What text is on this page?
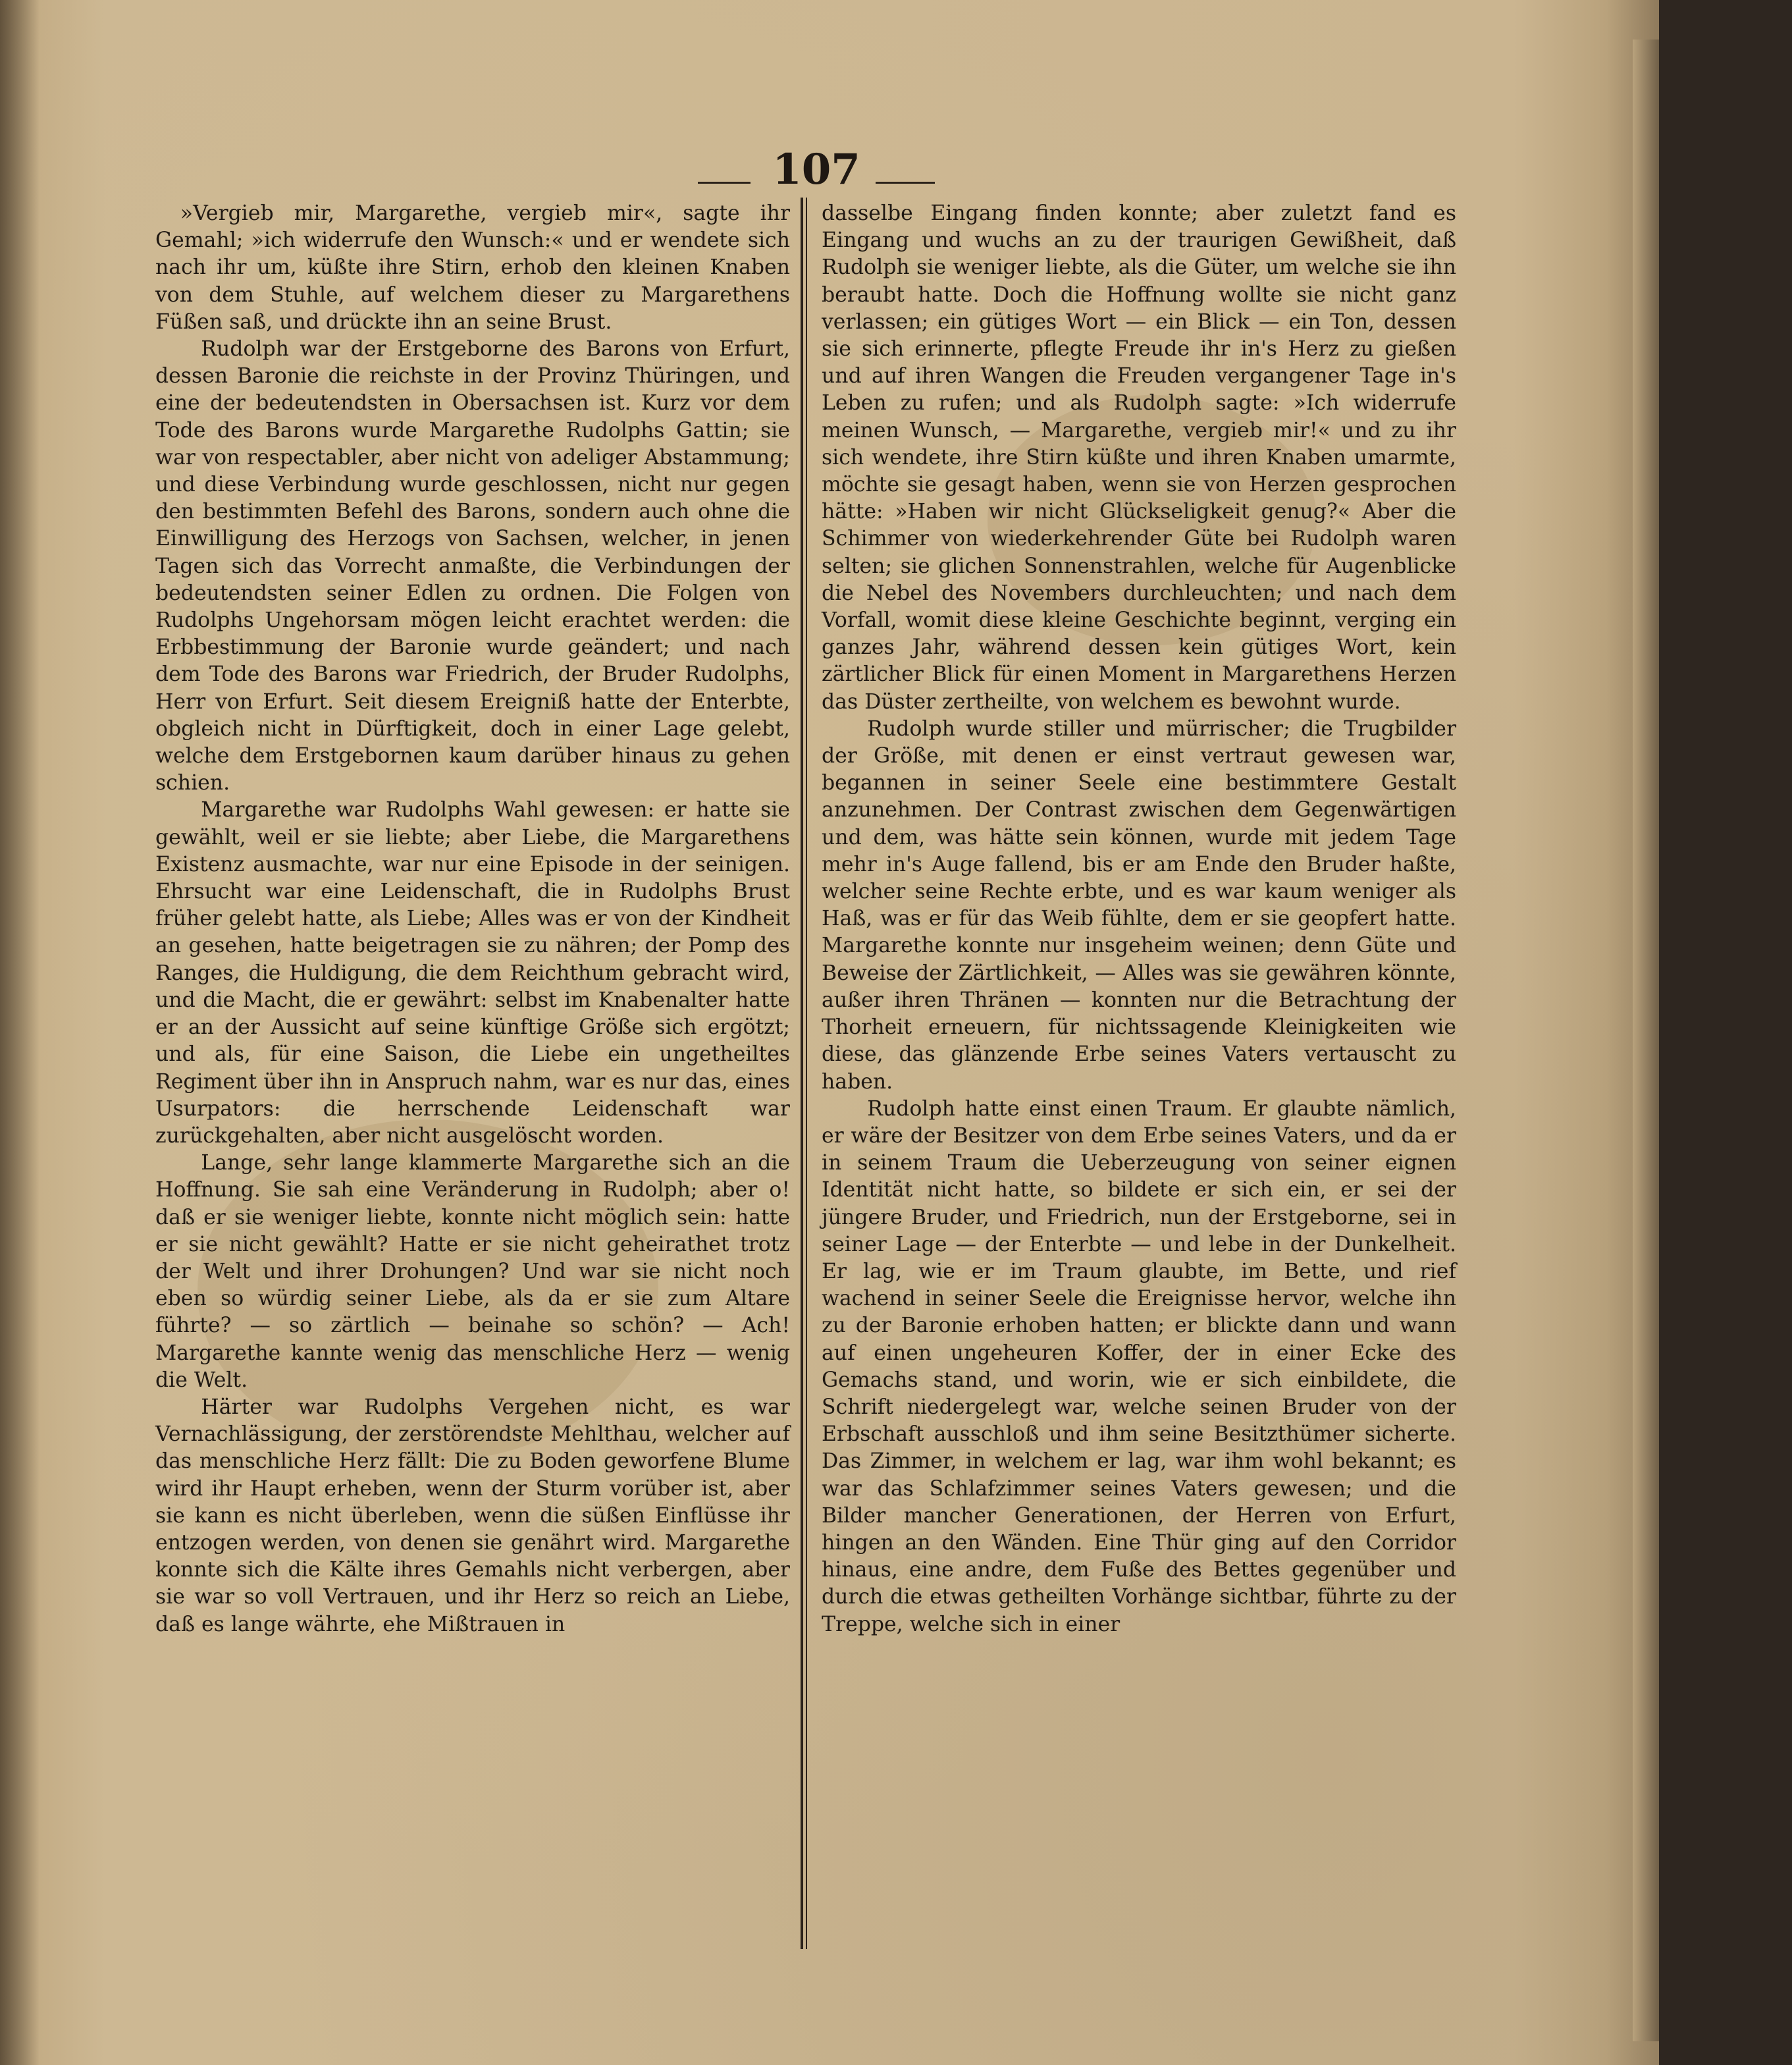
107

»Vergieb mir, Margarethe, vergieb mir«, sagte ihr Gemahl; »ich widerrufe den Wunsch:« und er wendete sich nach ihr um, küßte ihre Stirn, erhob den kleinen Knaben von dem Stuhle, auf welchem dieser zu Margarethens Füßen saß, und drückte ihn an seine Brust.

Rudolph war der Erstgeborne des Barons von Erfurt, dessen Baronie die reichste in der Provinz Thüringen, und eine der bedeutendsten in Obersachsen ist. Kurz vor dem Tode des Barons wurde Margarethe Rudolphs Gattin; sie war von respectabler, aber nicht von adeliger Abstammung; und diese Verbindung wurde geschlossen, nicht nur gegen den bestimmten Befehl des Barons, sondern auch ohne die Einwilligung des Herzogs von Sachsen, welcher, in jenen Tagen sich das Vorrecht anmaßte, die Verbindungen der bedeutendsten seiner Edlen zu ordnen. Die Folgen von Rudolphs Ungehorsam mögen leicht erachtet werden: die Erbbestimmung der Baronie wurde geändert; und nach dem Tode des Barons war Friedrich, der Bruder Rudolphs, Herr von Erfurt. Seit diesem Ereigniß hatte der Enterbte, obgleich nicht in Dürftigkeit, doch in einer Lage gelebt, welche dem Erstgebornen kaum darüber hinaus zu gehen schien.

Margarethe war Rudolphs Wahl gewesen: er hatte sie gewählt, weil er sie liebte; aber Liebe, die Margarethens Existenz ausmachte, war nur eine Episode in der seinigen. Ehrsucht war eine Leidenschaft, die in Rudolphs Brust früher gelebt hatte, als Liebe; Alles was er von der Kindheit an gesehen, hatte beigetragen sie zu nähren; der Pomp des Ranges, die Huldigung, die dem Reichthum gebracht wird, und die Macht, die er gewährt: selbst im Knabenalter hatte er an der Aussicht auf seine künftige Größe sich ergötzt; und als, für eine Saison, die Liebe ein ungetheiltes Regiment über ihn in Anspruch nahm, war es nur das, eines Usurpators: die herrschende Leidenschaft war zurückgehalten, aber nicht ausgelöscht worden.

Lange, sehr lange klammerte Margarethe sich an die Hoffnung. Sie sah eine Veränderung in Rudolph; aber o! daß er sie weniger liebte, konnte nicht möglich sein: hatte er sie nicht gewählt? Hatte er sie nicht geheirathet trotz der Welt und ihrer Drohungen? Und war sie nicht noch eben so würdig seiner Liebe, als da er sie zum Altare führte? — so zärtlich — beinahe so schön? — Ach! Margarethe kannte wenig das menschliche Herz — wenig die Welt.

Härter war Rudolphs Vergehen nicht, es war Vernachlässigung, der zerstörendste Mehlthau, welcher auf das menschliche Herz fällt: Die zu Boden geworfene Blume wird ihr Haupt erheben, wenn der Sturm vorüber ist, aber sie kann es nicht überleben, wenn die süßen Einflüsse ihr entzogen werden, von denen sie genährt wird. Margarethe konnte sich die Kälte ihres Gemahls nicht verbergen, aber sie war so voll Vertrauen, und ihr Herz so reich an Liebe, daß es lange währte, ehe Mißtrauen in

dasselbe Eingang finden konnte; aber zuletzt fand es Eingang und wuchs an zu der traurigen Gewißheit, daß Rudolph sie weniger liebte, als die Güter, um welche sie ihn beraubt hatte. Doch die Hoffnung wollte sie nicht ganz verlassen; ein gütiges Wort — ein Blick — ein Ton, dessen sie sich erinnerte, pflegte Freude ihr in's Herz zu gießen und auf ihren Wangen die Freuden vergangener Tage in's Leben zu rufen; und als Rudolph sagte: »Ich widerrufe meinen Wunsch, — Margarethe, vergieb mir!« und zu ihr sich wendete, ihre Stirn küßte und ihren Knaben umarmte, möchte sie gesagt haben, wenn sie von Herzen gesprochen hätte: »Haben wir nicht Glückseligkeit genug?« Aber die Schimmer von wiederkehrender Güte bei Rudolph waren selten; sie glichen Sonnenstrahlen, welche für Augenblicke die Nebel des Novembers durchleuchten; und nach dem Vorfall, womit diese kleine Geschichte beginnt, verging ein ganzes Jahr, während dessen kein gütiges Wort, kein zärtlicher Blick für einen Moment in Margarethens Herzen das Düster zertheilte, von welchem es bewohnt wurde.

Rudolph wurde stiller und mürrischer; die Trugbilder der Größe, mit denen er einst vertraut gewesen war, begannen in seiner Seele eine bestimmtere Gestalt anzunehmen. Der Contrast zwischen dem Gegenwärtigen und dem, was hätte sein können, wurde mit jedem Tage mehr in's Auge fallend, bis er am Ende den Bruder haßte, welcher seine Rechte erbte, und es war kaum weniger als Haß, was er für das Weib fühlte, dem er sie geopfert hatte. Margarethe konnte nur insgeheim weinen; denn Güte und Beweise der Zärtlichkeit, — Alles was sie gewähren könnte, außer ihren Thränen — konnten nur die Betrachtung der Thorheit erneuern, für nichtssagende Kleinigkeiten wie diese, das glänzende Erbe seines Vaters vertauscht zu haben.

Rudolph hatte einst einen Traum. Er glaubte nämlich, er wäre der Besitzer von dem Erbe seines Vaters, und da er in seinem Traum die Ueberzeugung von seiner eignen Identität nicht hatte, so bildete er sich ein, er sei der jüngere Bruder, und Friedrich, nun der Erstgeborne, sei in seiner Lage — der Enterbte — und lebe in der Dunkelheit. Er lag, wie er im Traum glaubte, im Bette, und rief wachend in seiner Seele die Ereignisse hervor, welche ihn zu der Baronie erhoben hatten; er blickte dann und wann auf einen ungeheuren Koffer, der in einer Ecke des Gemachs stand, und worin, wie er sich einbildete, die Schrift niedergelegt war, welche seinen Bruder von der Erbschaft ausschloß und ihm seine Besitzthümer sicherte. Das Zimmer, in welchem er lag, war ihm wohl bekannt; es war das Schlafzimmer seines Vaters gewesen; und die Bilder mancher Generationen, der Herren von Erfurt, hingen an den Wänden. Eine Thür ging auf den Corridor hinaus, eine andre, dem Fuße des Bettes gegenüber und durch die etwas getheilten Vorhänge sichtbar, führte zu der Treppe, welche sich in einer
